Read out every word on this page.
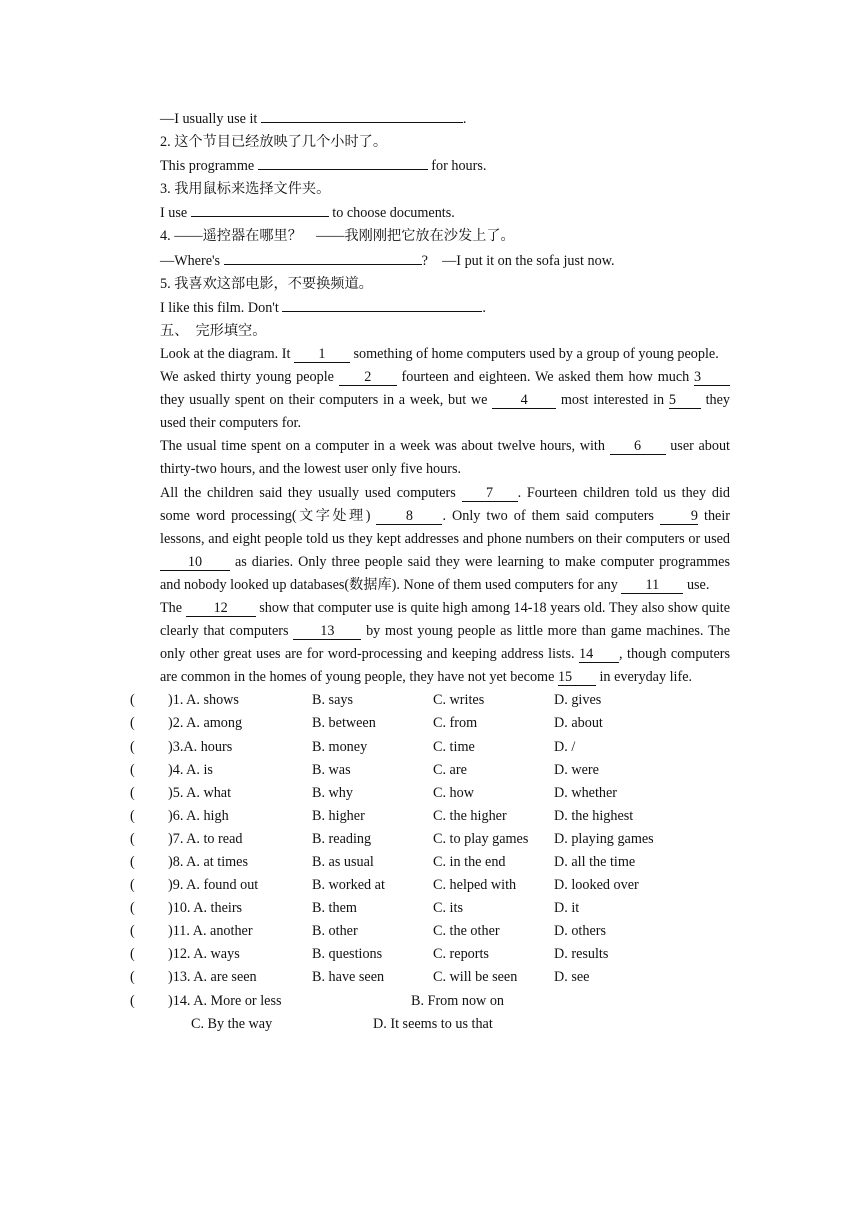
—I usually use it	.
2. 这个节目已经放映了几个小时了。
This programme	for hours.
3. 我用鼠标来选择文件夹。
I use	to choose documents.
4. ——遥控器在哪里？　——我刚刚把它放在沙发上了。
—Where's	?　—I put it on the sofa just now.
5. 我喜欢这部电影，不要换频道。
I like this film. Don't	.
五、　完形填空。

Look at the diagram. It 1 something of home computers used by a group of young people.

We asked thirty young people 2 fourteen and eighteen. We asked them how much 3 they usually spent on their computers in a week, but we 4 most interested in 5 they used their computers for.

The usual time spent on a computer in a week was about twelve hours, with 6 user about thirty-two hours, and the lowest user only five hours.

All the children said they usually used computers 7 . Fourteen children told us they did some word processing(文字处理) 8 . Only two of them said computers 9 their lessons, and eight people told us they kept addresses and phone numbers on their computers or used 10 as diaries. Only three people said they were learning to make computer programmes and nobody looked up databases(数据库). None of them used computers for any 11 use.

The 12 show that computer use is quite high among 14-18 years old. They also show quite clearly that computers 13 by most young people as little more than game machines. The only other great uses are for word-processing and keeping address lists. 14 , though computers are common in the homes of young people, they have not yet become 15 in everyday life.

(	)1. A. shows	B. says	C. writes	D. gives
(	)2. A. among	B. between	C. from	D. about
(	)3.A. hours	B. money	C. time	D. /
(	)4. A. is	B. was	C. are	D. were
(	)5. A. what	B. why	C. how	D. whether
(	)6. A. high	B. higher	C. the higher	D. the highest
(	)7. A. to read	B. reading	C. to play games	D. playing games
(	)8. A. at times	B. as usual	C. in the end	D. all the time
(	)9. A. found out	B. worked at	C. helped with	D. looked over
(	)10. A. theirs	B. them	C. its	D. it
(	)11. A. another	B. other	C. the other	D. others
(	)12. A. ways	B. questions	C. reports	D. results
(	)13. A. are seen	B. have seen	C. will be seen	D. see
(	)14. A. More or less	B. From now on
C. By the way	D. It seems to us that
